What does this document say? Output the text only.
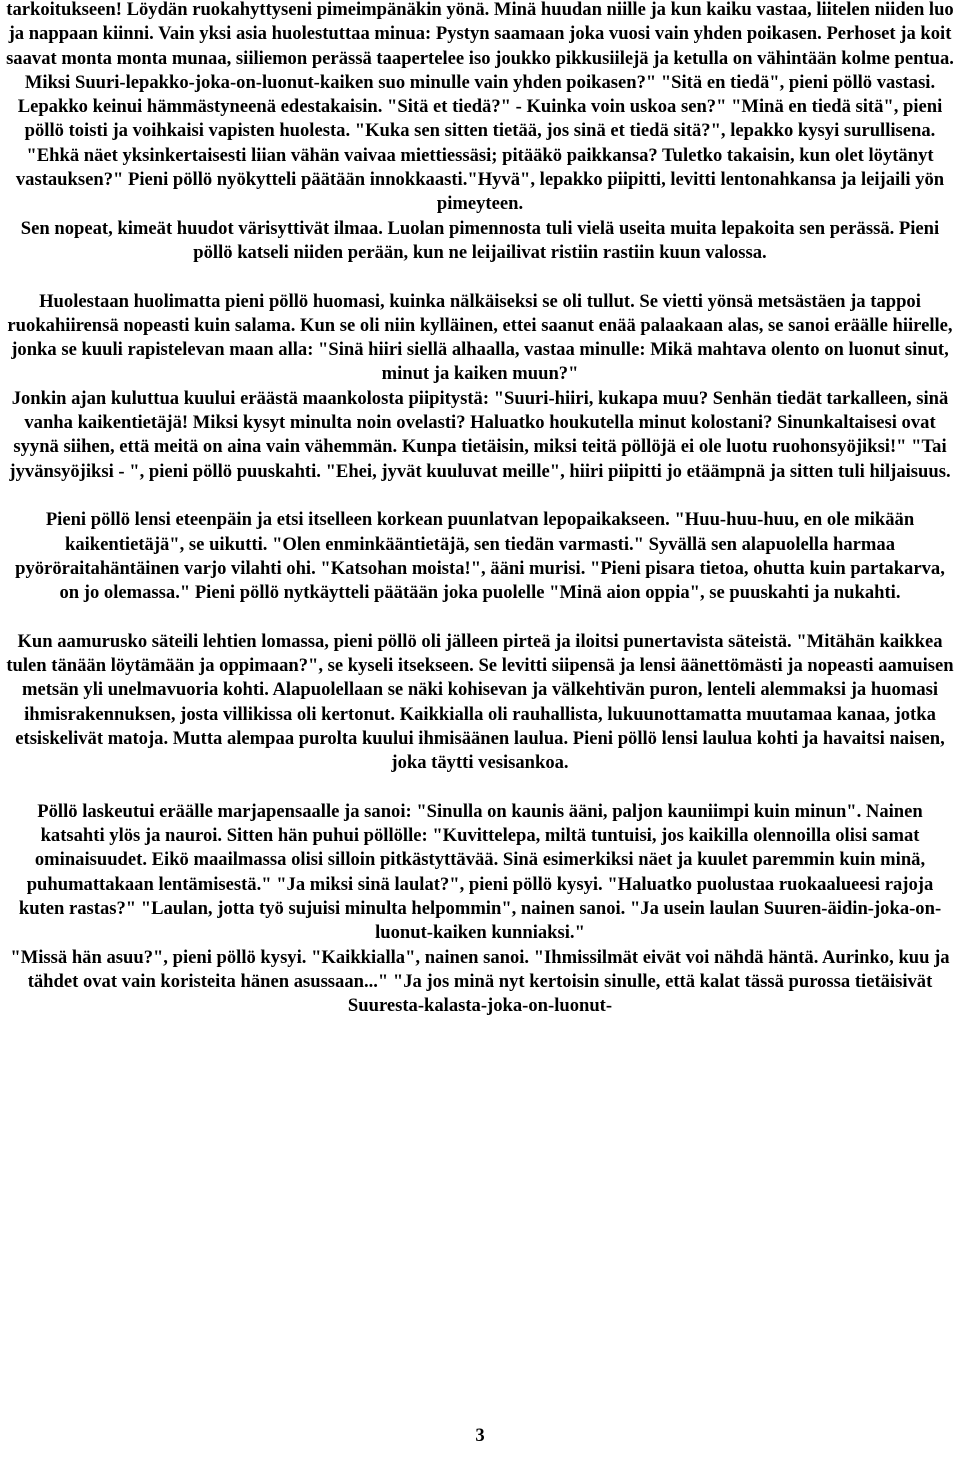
tarkoitukseen! Löydän ruokahyttyseni pimeimpänäkin yönä. Minä huudan niille ja kun kaiku vastaa, liitelen niiden luo ja nappaan kiinni. Vain yksi asia huolestuttaa minua: Pystyn saamaan joka vuosi vain yhden poikasen. Perhoset ja koit saavat monta monta munaa, siiliemon perässä taapertelee iso joukko pikkusiilejä ja ketulla on vähintään kolme pentua. Miksi Suuri-lepakko-joka-on-luonut-kaiken suo minulle vain yhden poikasen?" "Sitä en tiedä", pieni pöllö vastasi. Lepakko keinui hämmästyneenä edestakaisin. "Sitä et tiedä?" - Kuinka voin uskoa sen?" "Minä en tiedä sitä", pieni pöllö toisti ja voihkaisi vapisten huolesta. "Kuka sen sitten tietää, jos sinä et tiedä sitä?", lepakko kysyi surullisena. "Ehkä näet yksinkertaisesti liian vähän vaivaa miettiessäsi; pitääkö paikkansa? Tuletko takaisin, kun olet löytänyt vastauksen?" Pieni pöllö nyökytteli päätään innokkaasti."Hyvä", lepakko piipitti, levitti lentonahkansa ja leijaili yön pimeyteen.

Sen nopeat, kimeät huudot värisyttivät ilmaa. Luolan pimennosta tuli vielä useita muita lepakoita sen perässä. Pieni pöllö katseli niiden perään, kun ne leijailivat ristiin rastiin kuun valossa.

Huolestaan huolimatta pieni pöllö huomasi, kuinka nälkäiseksi se oli tullut. Se vietti yönsä metsästäen ja tappoi ruokahiirensä nopeasti kuin salama. Kun se oli niin kylläinen, ettei saanut enää palaakaan alas, se sanoi eräälle hiirelle, jonka se kuuli rapistelevan maan alla: "Sinä hiiri siellä alhaalla, vastaa minulle: Mikä mahtava olento on luonut sinut, minut ja kaiken muun?"

Jonkin ajan kuluttua kuului eräästä maankolosta piipitystä: "Suuri-hiiri, kukapa muu? Senhän tiedät tarkalleen, sinä vanha kaikentietäjä! Miksi kysyt minulta noin ovelasti? Haluatko houkutella minut kolostani? Sinunkaltaisesi ovat syynä siihen, että meitä on aina vain vähemmän. Kunpa tietäisin, miksi teitä pöllöjä ei ole luotu ruohonsyöjiksi!" "Tai jyvänsyöjiksi - ", pieni pöllö puuskahti. "Ehei, jyvät kuuluvat meille", hiiri piipitti jo etäämpnä ja sitten tuli hiljaisuus.

Pieni pöllö lensi eteenpäin ja etsi itselleen korkean puunlatvan lepopaikakseen. "Huu-huu-huu, en ole mikään kaikentietäjä", se uikutti. "Olen enminkääntietäjä, sen tiedän varmasti." Syvällä sen alapuolella harmaa pyöröraitahäntäinen varjo vilahti ohi. "Katsohan moista!", ääni murisi. "Pieni pisara tietoa, ohutta kuin partakarva, on jo olemassa." Pieni pöllö nytkäytteli päätään joka puolelle "Minä aion oppia", se puuskahti ja nukahti.

Kun aamurusko säteili lehtien lomassa, pieni pöllö oli jälleen pirteä ja iloitsi punertavista säteistä. "Mitähän kaikkea tulen tänään löytämään ja oppimaan?", se kyseli itsekseen. Se levitti siipensä ja lensi äänettömästi ja nopeasti aamuisen metsän yli unelmavuoria kohti. Alapuolellaan se näki kohisevan ja välkehtivän puron, lenteli alemmaksi ja huomasi ihmisrakennuksen, josta villikissa oli kertonut. Kaikkialla oli rauhallista, lukuunottamatta muutamaa kanaa, jotka etsiskelivät matoja. Mutta alempaa purolta kuului ihmisäänen laulua. Pieni pöllö lensi laulua kohti ja havaitsi naisen, joka täytti vesisankoa.

Pöllö laskeutui eräälle marjapensaalle ja sanoi: "Sinulla on kaunis ääni, paljon kauniimpi kuin minun". Nainen katsahti ylös ja nauroi. Sitten hän puhui pöllölle: "Kuvittelepa, miltä tuntuisi, jos kaikilla olennoilla olisi samat ominaisuudet. Eikö maailmassa olisi silloin pitkästyttävää. Sinä esimerkiksi näet ja kuulet paremmin kuin minä, puhumattakaan lentämisestä." "Ja miksi sinä laulat?", pieni pöllö kysyi. "Haluatko puolustaa ruokaalueesi rajoja kuten rastas?" "Laulan, jotta työ sujuisi minulta helpommin", nainen sanoi. "Ja usein laulan Suuren-äidin-joka-on-luonut-kaiken kunniaksi."

"Missä hän asuu?", pieni pöllö kysyi. "Kaikkialla", nainen sanoi. "Ihmissilmät eivät voi nähdä häntä. Aurinko, kuu ja tähdet ovat vain koristeita hänen asussaan..." "Ja jos minä nyt kertoisin sinulle, että kalat tässä purossa tietäisivät Suuresta-kalasta-joka-on-luonut-

3
